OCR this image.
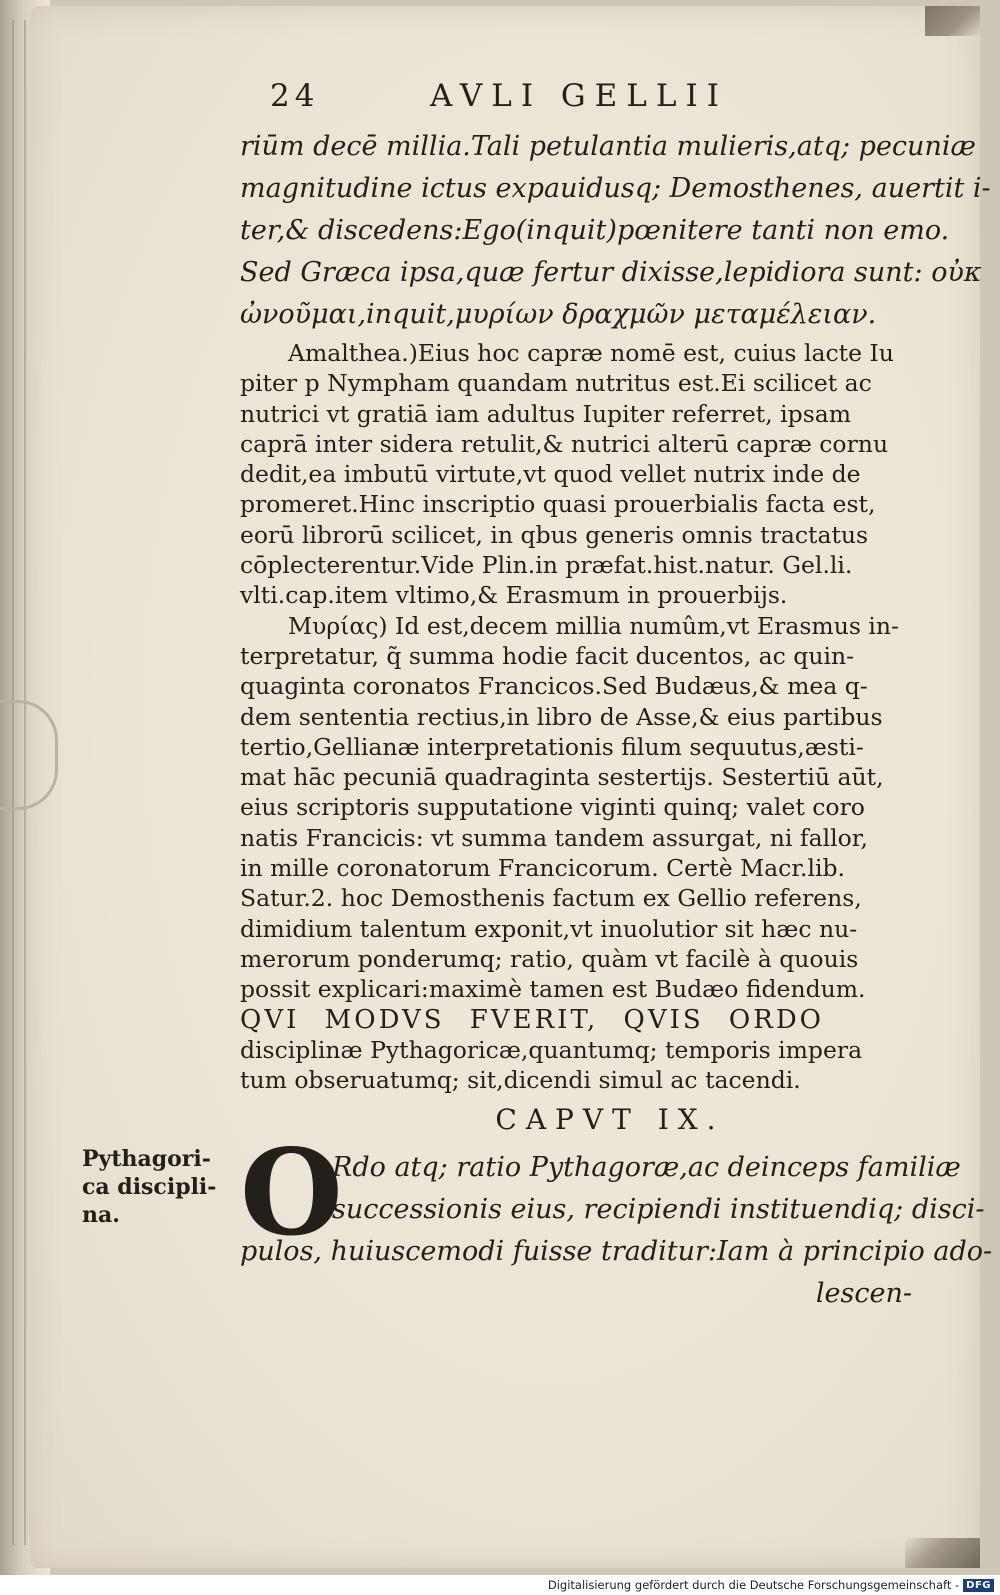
24	AVLI GELLII
riūm decē millia.Tali petulantia mulieris,atq; pecuniæ
magnitudine ictus expauidusq; Demosthenes, auertit i-
ter,& discedens:Ego(inquit)pœnitere tanti non emo.
Sed Græca ipsa,quæ fertur dixisse,lepidiora sunt: οὐκ
ὠνοῦμαι,inquit,μυρίων δραχμῶν μεταμέλειαν.
Amalthea.)Eius hoc capræ nomē est, cuius lacte Iu
piter p Nympham quandam nutritus est.Ei scilicet ac
nutrici vt gratiā iam adultus Iupiter referret, ipsam
caprā inter sidera retulit,& nutrici alterū capræ cornu
dedit,ea imbutū virtute,vt quod vellet nutrix inde de
promeret.Hinc inscriptio quasi prouerbialis facta est,
eorū librorū scilicet, in qbus generis omnis tractatus
cōplecterentur.Vide Plin.in præfat.hist.natur. Gel.li.
vlti.cap.item vltimo,& Erasmum in prouerbijs.
Μυρίας) Id est,decem millia numûm,vt Erasmus in-
terpretatur, q̃ summa hodie facit ducentos, ac quin-
quaginta coronatos Francicos.Sed Budæus,& mea q-
dem sententia rectius,in libro de Asse,& eius partibus
tertio,Gellianæ interpretationis filum sequutus,æsti-
mat hāc pecuniā quadraginta sestertijs. Sestertiū aūt,
eius scriptoris supputatione viginti quinq; valet coro
natis Francicis: vt summa tandem assurgat, ni fallor,
in mille coronatorum Francicorum. Certè Macr.lib.
Satur.2. hoc Demosthenis factum ex Gellio referens,
dimidium talentum exponit,vt inuolutior sit hæc nu-
merorum ponderumq; ratio, quàm vt facilè à quouis
possit explicari:maximè tamen est Budæo fidendum.
QVI MODVS FVERIT, QVIS ORDO
disciplinæ Pythagoricæ,quantumq; temporis impera
tum obseruatumq; sit,dicendi simul ac tacendi.
CAPVT IX.
O
Rdo atq; ratio Pythagoræ,ac deinceps familiæ
successionis eius, recipiendi instituendiq; disci-
pulos, huiuscemodi fuisse traditur:Iam à principio ado-
lescen-
Pythagori-
ca discipli-
na.
Digitalisierung gefördert durch die Deutsche Forschungsgemeinschaft - DFG
